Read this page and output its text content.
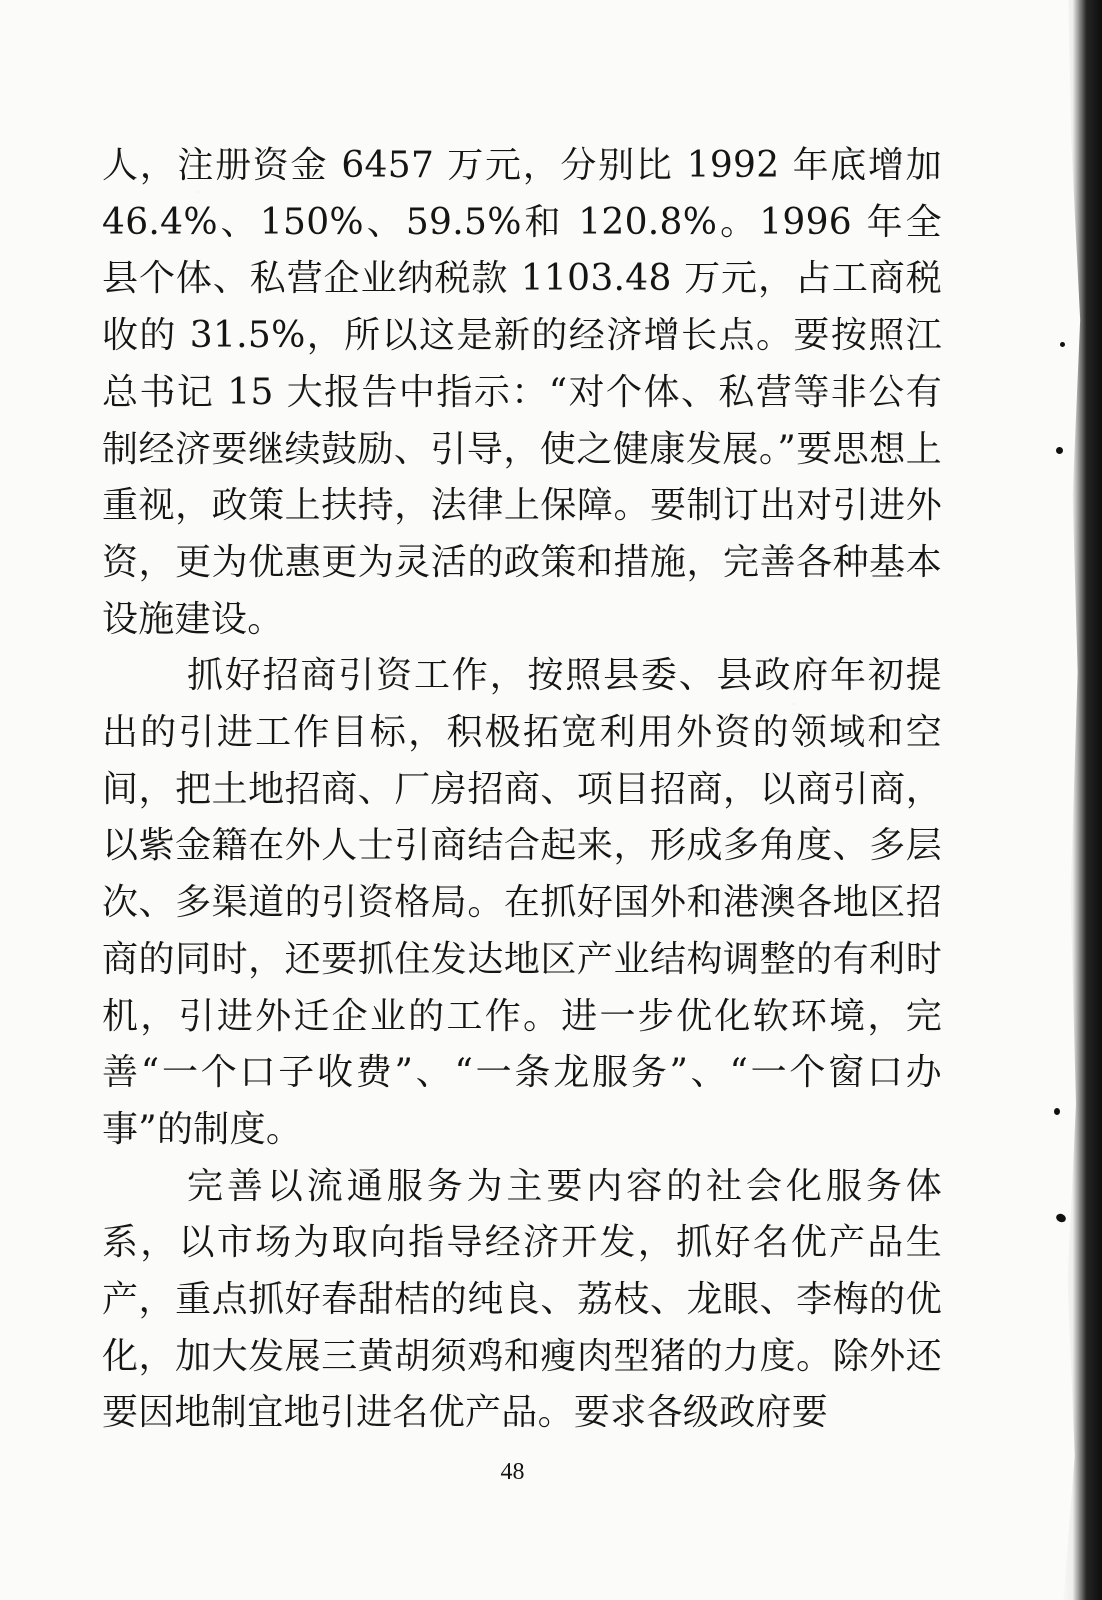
人，注册资金 6457 万元，分别比 1992 年底增加 46.4%、150%、59.5%和 120.8%。1996 年全县个体、私营企业纳税款 1103.48 万元，占工商税收的 31.5%，所以这是新的经济增长点。要按照江总书记 15 大报告中指示：“对个体、私营等非公有制经济要继续鼓励、引导，使之健康发展。”要思想上重视，政策上扶持，法律上保障。要制订出对引进外资，更为优惠更为灵活的政策和措施，完善各种基本设施建设。

抓好招商引资工作，按照县委、县政府年初提出的引进工作目标，积极拓宽利用外资的领域和空间，把土地招商、厂房招商、项目招商，以商引商，以紫金籍在外人士引商结合起来，形成多角度、多层次、多渠道的引资格局。在抓好国外和港澳各地区招商的同时，还要抓住发达地区产业结构调整的有利时机，引进外迁企业的工作。进一步优化软环境，完善“一个口子收费”、“一条龙服务”、“一个窗口办事”的制度。

完善以流通服务为主要内容的社会化服务体系，以市场为取向指导经济开发，抓好名优产品生产，重点抓好春甜桔的纯良、荔枝、龙眼、李梅的优化，加大发展三黄胡须鸡和瘦肉型猪的力度。除外还要因地制宜地引进名优产品。要求各级政府要

48
